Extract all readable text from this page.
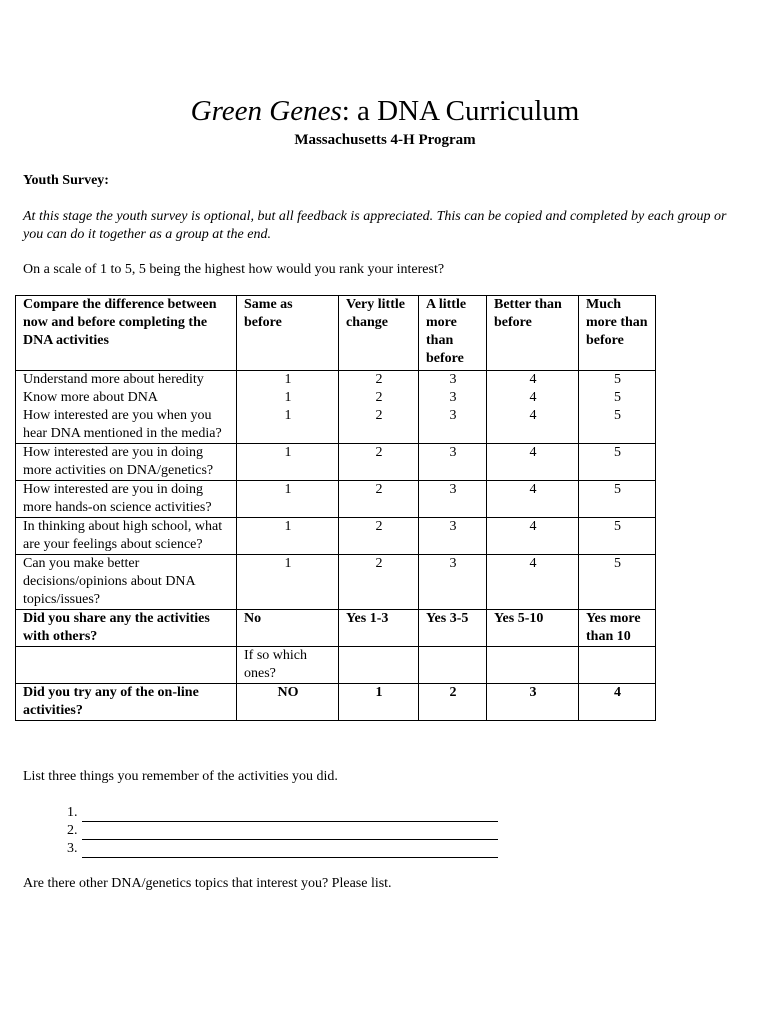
Green Genes: a DNA Curriculum
Massachusetts 4-H Program
Youth Survey:

At this stage the youth survey is optional, but all feedback is appreciated. This can be copied and completed by each group or you can do it together as a group at the end.

On a scale of 1 to 5, 5 being the highest how would you rank your interest?

Compare the difference between now and before completing the DNA activities	Same as before	Very little change	A little more than before	Better than before	Much more than before
Understand more about heredity	1	2	3	4	5
Know more about DNA	1	2	3	4	5
How interested are you when you hear DNA mentioned in the media?	1	2	3	4	5
How interested are you in doing more activities on DNA/genetics?	1	2	3	4	5
How interested are you in doing more hands-on science activities?	1	2	3	4	5
In thinking about high school, what are your feelings about science?	1	2	3	4	5
Can you make better decisions/opinions about DNA topics/issues?	1	2	3	4	5
Did you share any the activities with others?	No	Yes 1-3	Yes 3-5	Yes 5-10	Yes more than 10
	If so which ones?				
Did you try any of the on-line activities?	NO	1	2	3	4

List three things you remember of the activities you did.

1.
2.
3.

Are there other DNA/genetics topics that interest you? Please list.
